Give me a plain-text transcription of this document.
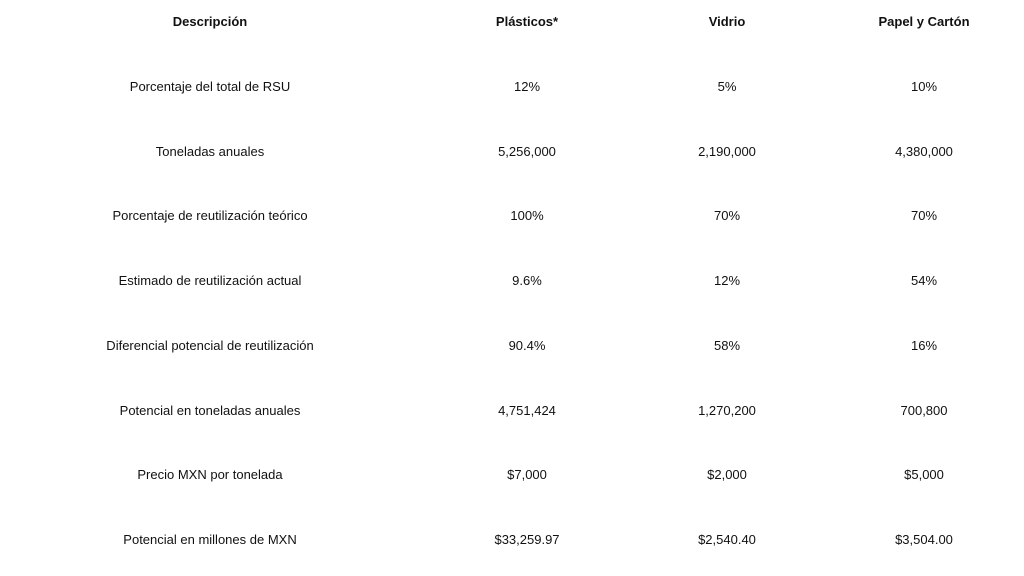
Descripción	Plásticos*	Vidrio	Papel y Cartón
Porcentaje del total de RSU	12%	5%	10%
Toneladas anuales	5,256,000	2,190,000	4,380,000
Porcentaje de reutilización teórico	100%	70%	70%
Estimado de reutilización actual	9.6%	12%	54%
Diferencial potencial de reutilización	90.4%	58%	16%
Potencial en toneladas anuales	4,751,424	1,270,200	700,800
Precio MXN por tonelada	$7,000	$2,000	$5,000
Potencial en millones de MXN	$33,259.97	$2,540.40	$3,504.00
